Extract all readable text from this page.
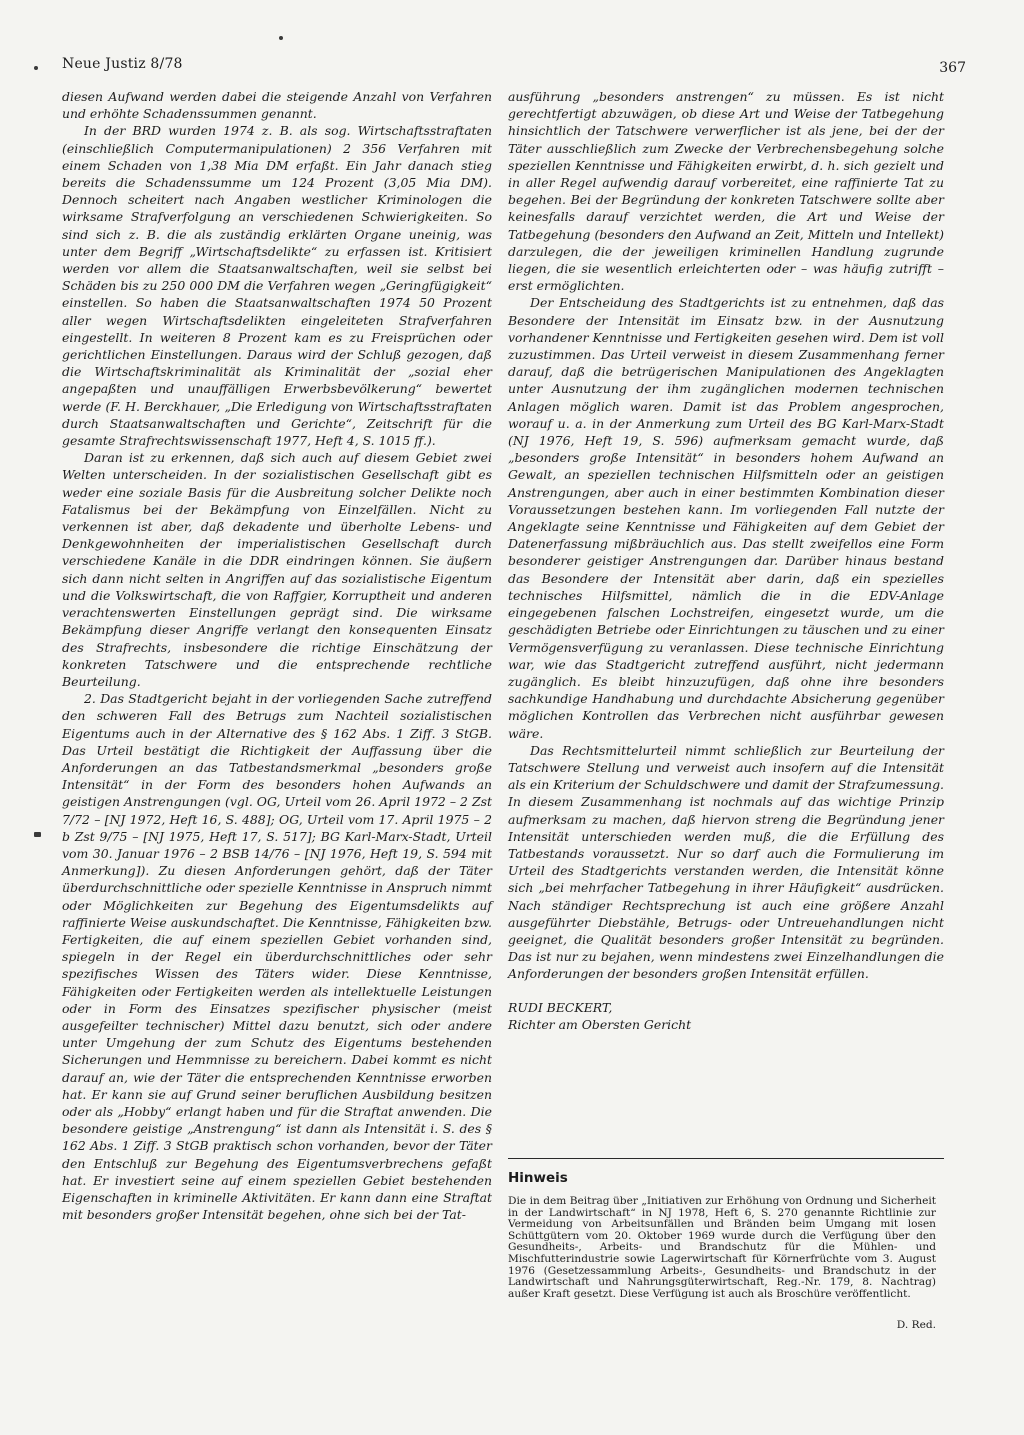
Neue Justiz 8/78	367

diesen Aufwand werden dabei die steigende Anzahl von Verfahren und erhöhte Schadenssummen genannt.

In der BRD wurden 1974 z. B. als sog. Wirtschaftsstraftaten (einschließlich Computermanipulationen) 2 356 Verfahren mit einem Schaden von 1,38 Mia DM erfaßt. Ein Jahr danach stieg bereits die Schadenssumme um 124 Prozent (3,05 Mia DM). Dennoch scheitert nach Angaben westlicher Kriminologen die wirksame Strafverfolgung an verschiedenen Schwierigkeiten. So sind sich z. B. die als zuständig erklärten Organe uneinig, was unter dem Begriff „Wirtschaftsdelikte“ zu erfassen ist. Kritisiert werden vor allem die Staatsanwaltschaften, weil sie selbst bei Schäden bis zu 250 000 DM die Verfahren wegen „Geringfügigkeit“ einstellen. So haben die Staatsanwaltschaften 1974 50 Prozent aller wegen Wirtschaftsdelikten eingeleiteten Strafverfahren eingestellt. In weiteren 8 Prozent kam es zu Freisprüchen oder gerichtlichen Einstellungen. Daraus wird der Schluß gezogen, daß die Wirtschaftskriminalität als Kriminalität der „sozial eher angepaßten und unauffälligen Erwerbsbevölkerung“ bewertet werde (F. H. Berckhauer, „Die Erledigung von Wirtschaftsstraftaten durch Staatsanwaltschaften und Gerichte“, Zeitschrift für die gesamte Strafrechtswissenschaft 1977, Heft 4, S. 1015 ff.).

Daran ist zu erkennen, daß sich auch auf diesem Gebiet zwei Welten unterscheiden. In der sozialistischen Gesellschaft gibt es weder eine soziale Basis für die Ausbreitung solcher Delikte noch Fatalismus bei der Bekämpfung von Einzelfällen. Nicht zu verkennen ist aber, daß dekadente und überholte Lebens- und Denkgewohnheiten der imperialistischen Gesellschaft durch verschiedene Kanäle in die DDR eindringen können. Sie äußern sich dann nicht selten in Angriffen auf das sozialistische Eigentum und die Volkswirtschaft, die von Raffgier, Korruptheit und anderen verachtenswerten Einstellungen geprägt sind. Die wirksame Bekämpfung dieser Angriffe verlangt den konsequenten Einsatz des Strafrechts, insbesondere die richtige Einschätzung der konkreten Tatschwere und die entsprechende rechtliche Beurteilung.

2. Das Stadtgericht bejaht in der vorliegenden Sache zutreffend den schweren Fall des Betrugs zum Nachteil sozialistischen Eigentums auch in der Alternative des § 162 Abs. 1 Ziff. 3 StGB. Das Urteil bestätigt die Richtigkeit der Auffassung über die Anforderungen an das Tatbestandsmerkmal „besonders große Intensität“ in der Form des besonders hohen Aufwands an geistigen Anstrengungen (vgl. OG, Urteil vom 26. April 1972 – 2 Zst 7/72 – [NJ 1972, Heft 16, S. 488]; OG, Urteil vom 17. April 1975 – 2 b Zst 9/75 – [NJ 1975, Heft 17, S. 517]; BG Karl-Marx-Stadt, Urteil vom 30. Januar 1976 – 2 BSB 14/76 – [NJ 1976, Heft 19, S. 594 mit Anmerkung]). Zu diesen Anforderungen gehört, daß der Täter überdurchschnittliche oder spezielle Kenntnisse in Anspruch nimmt oder Möglichkeiten zur Begehung des Eigentumsdelikts auf raffinierte Weise auskundschaftet. Die Kenntnisse, Fähigkeiten bzw. Fertigkeiten, die auf einem speziellen Gebiet vorhanden sind, spiegeln in der Regel ein überdurchschnittliches oder sehr spezifisches Wissen des Täters wider. Diese Kenntnisse, Fähigkeiten oder Fertigkeiten werden als intellektuelle Leistungen oder in Form des Einsatzes spezifischer physischer (meist ausgefeilter technischer) Mittel dazu benutzt, sich oder andere unter Umgehung der zum Schutz des Eigentums bestehenden Sicherungen und Hemmnisse zu bereichern. Dabei kommt es nicht darauf an, wie der Täter die entsprechenden Kenntnisse erworben hat. Er kann sie auf Grund seiner beruflichen Ausbildung besitzen oder als „Hobby“ erlangt haben und für die Straftat anwenden. Die besondere geistige „Anstrengung“ ist dann als Intensität i. S. des § 162 Abs. 1 Ziff. 3 StGB praktisch schon vorhanden, bevor der Täter den Entschluß zur Begehung des Eigentumsverbrechens gefaßt hat. Er investiert seine auf einem speziellen Gebiet bestehenden Eigenschaften in kriminelle Aktivitäten. Er kann dann eine Straftat mit besonders großer Intensität begehen, ohne sich bei der Tat-

ausführung „besonders anstrengen“ zu müssen. Es ist nicht gerechtfertigt abzuwägen, ob diese Art und Weise der Tatbegehung hinsichtlich der Tatschwere verwerflicher ist als jene, bei der der Täter ausschließlich zum Zwecke der Verbrechensbegehung solche speziellen Kenntnisse und Fähigkeiten erwirbt, d. h. sich gezielt und in aller Regel aufwendig darauf vorbereitet, eine raffinierte Tat zu begehen. Bei der Begründung der konkreten Tatschwere sollte aber keinesfalls darauf verzichtet werden, die Art und Weise der Tatbegehung (besonders den Aufwand an Zeit, Mitteln und Intellekt) darzulegen, die der jeweiligen kriminellen Handlung zugrunde liegen, die sie wesentlich erleichterten oder – was häufig zutrifft – erst ermöglichten.

Der Entscheidung des Stadtgerichts ist zu entnehmen, daß das Besondere der Intensität im Einsatz bzw. in der Ausnutzung vorhandener Kenntnisse und Fertigkeiten gesehen wird. Dem ist voll zuzustimmen. Das Urteil verweist in diesem Zusammenhang ferner darauf, daß die betrügerischen Manipulationen des Angeklagten unter Ausnutzung der ihm zugänglichen modernen technischen Anlagen möglich waren. Damit ist das Problem angesprochen, worauf u. a. in der Anmerkung zum Urteil des BG Karl-Marx-Stadt (NJ 1976, Heft 19, S. 596) aufmerksam gemacht wurde, daß „besonders große Intensität“ in besonders hohem Aufwand an Gewalt, an speziellen technischen Hilfsmitteln oder an geistigen Anstrengungen, aber auch in einer bestimmten Kombination dieser Voraussetzungen bestehen kann. Im vorliegenden Fall nutzte der Angeklagte seine Kenntnisse und Fähigkeiten auf dem Gebiet der Datenerfassung mißbräuchlich aus. Das stellt zweifellos eine Form besonderer geistiger Anstrengungen dar. Darüber hinaus bestand das Besondere der Intensität aber darin, daß ein spezielles technisches Hilfsmittel, nämlich die in die EDV-Anlage eingegebenen falschen Lochstreifen, eingesetzt wurde, um die geschädigten Betriebe oder Einrichtungen zu täuschen und zu einer Vermögensverfügung zu veranlassen. Diese technische Einrichtung war, wie das Stadtgericht zutreffend ausführt, nicht jedermann zugänglich. Es bleibt hinzuzufügen, daß ohne ihre besonders sachkundige Handhabung und durchdachte Absicherung gegenüber möglichen Kontrollen das Verbrechen nicht ausführbar gewesen wäre.

Das Rechtsmittelurteil nimmt schließlich zur Beurteilung der Tatschwere Stellung und verweist auch insofern auf die Intensität als ein Kriterium der Schuldschwere und damit der Strafzumessung. In diesem Zusammenhang ist nochmals auf das wichtige Prinzip aufmerksam zu machen, daß hiervon streng die Begründung jener Intensität unterschieden werden muß, die die Erfüllung des Tatbestands voraussetzt. Nur so darf auch die Formulierung im Urteil des Stadtgerichts verstanden werden, die Intensität könne sich „bei mehrfacher Tatbegehung in ihrer Häufigkeit“ ausdrücken. Nach ständiger Rechtsprechung ist auch eine größere Anzahl ausgeführter Diebstähle, Betrugs- oder Untreuehandlungen nicht geeignet, die Qualität besonders großer Intensität zu begründen. Das ist nur zu bejahen, wenn mindestens zwei Einzelhandlungen die Anforderungen der besonders großen Intensität erfüllen.

RUDI BECKERT,
Richter am Obersten Gericht
Hinweis
Die in dem Beitrag über „Initiativen zur Erhöhung von Ordnung und Sicherheit in der Landwirtschaft“ in NJ 1978, Heft 6, S. 270 genannte Richtlinie zur Vermeidung von Arbeitsunfällen und Bränden beim Umgang mit losen Schüttgütern vom 20. Oktober 1969 wurde durch die Verfügung über den Gesundheits-, Arbeits- und Brandschutz für die Mühlen- und Mischfutterindustrie sowie Lagerwirtschaft für Körnerfrüchte vom 3. August 1976 (Gesetzessammlung Arbeits-, Gesundheits- und Brandschutz in der Landwirtschaft und Nahrungsgüterwirtschaft, Reg.-Nr. 179, 8. Nachtrag) außer Kraft gesetzt. Diese Verfügung ist auch als Broschüre veröffentlicht.
D. Red.
